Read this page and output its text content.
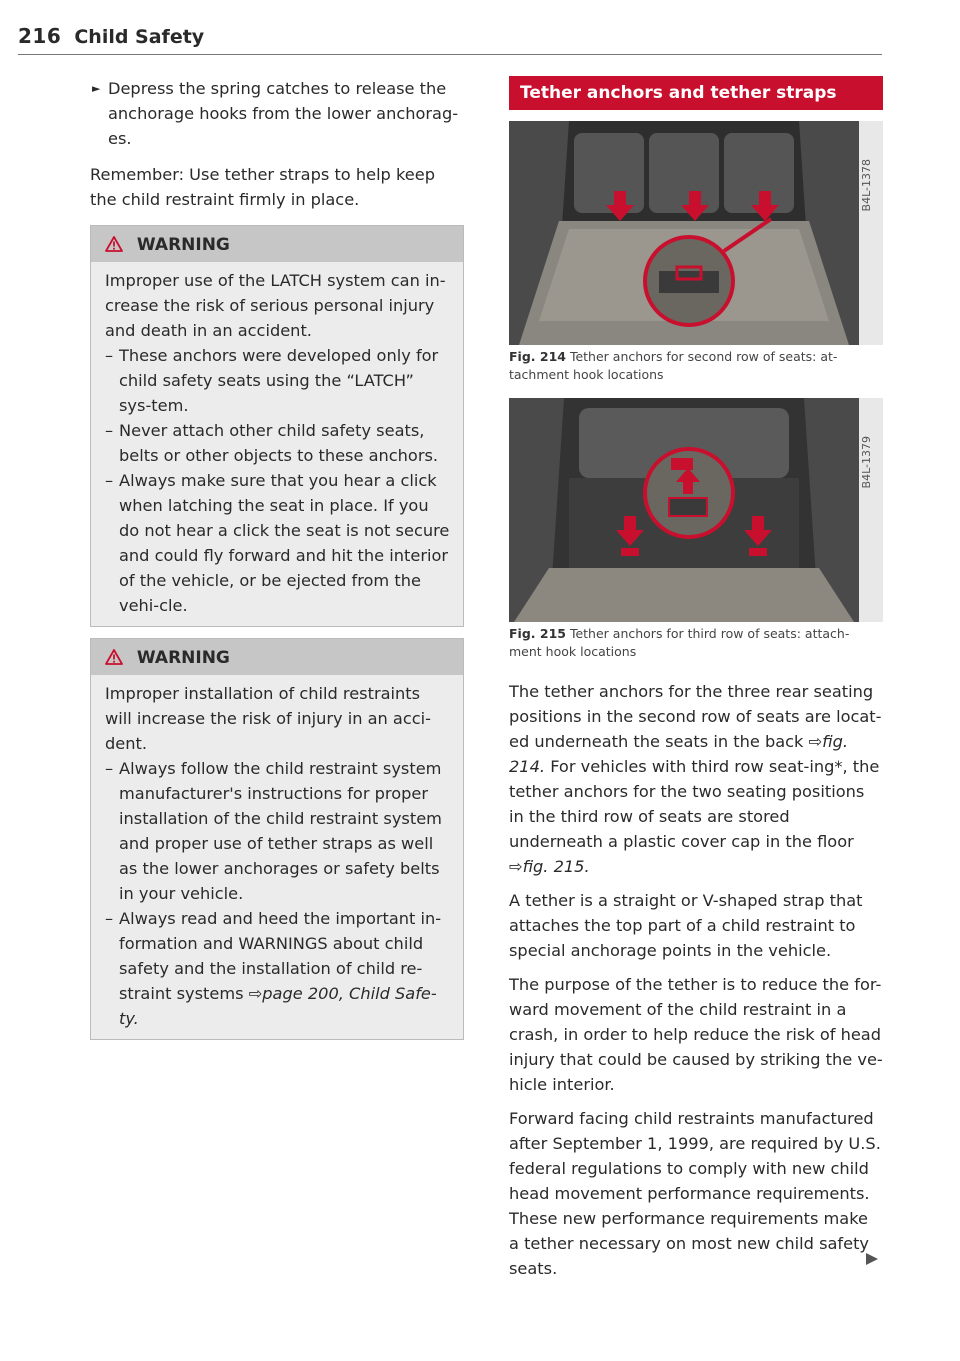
216 Child Safety
► Depress the spring catches to release the anchorage hooks from the lower anchorag-es.

Remember: Use tether straps to help keep the child restraint firmly in place.

WARNING

Improper use of the LATCH system can in-crease the risk of serious personal injury and death in an accident.

– These anchors were developed only for child safety seats using the “LATCH” sys-tem.
– Never attach other child safety seats, belts or other objects to these anchors.
– Always make sure that you hear a click when latching the seat in place. If you do not hear a click the seat is not secure and could fly forward and hit the interior of the vehicle, or be ejected from the vehi-cle.
WARNING

Improper installation of child restraints will increase the risk of injury in an acci-dent.

– Always follow the child restraint system manufacturer's instructions for proper installation of the child restraint system and proper use of tether straps as well as the lower anchorages or safety belts in your vehicle.
– Always read and heed the important in-formation and WARNINGS about child safety and the installation of child re-straint systems ⇨page 200, Child Safe-ty.
Tether anchors and tether straps
B4L-1378
Fig. 214 Tether anchors for second row of seats: at-tachment hook locations
B4L-1379
Fig. 215 Tether anchors for third row of seats: attach-ment hook locations

The tether anchors for the three rear seating positions in the second row of seats are locat-ed underneath the seats in the back ⇨fig. 214. For vehicles with third row seat-ing*, the tether anchors for the two seating positions in the third row of seats are stored underneath a plastic cover cap in the floor ⇨fig. 215.

A tether is a straight or V-shaped strap that attaches the top part of a child restraint to special anchorage points in the vehicle.

The purpose of the tether is to reduce the for-ward movement of the child restraint in a crash, in order to help reduce the risk of head injury that could be caused by striking the ve-hicle interior.

Forward facing child restraints manufactured after September 1, 1999, are required by U.S. federal regulations to comply with new child head movement performance requirements. These new performance requirements make a tether necessary on most new child safety seats.
